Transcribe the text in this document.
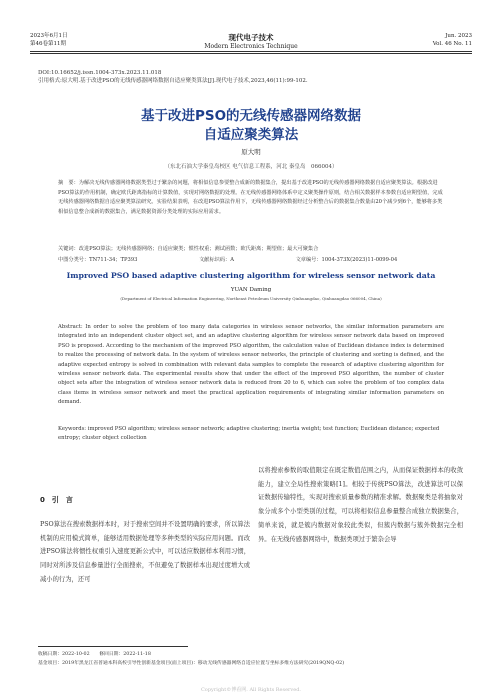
2023年6月1日
第46卷第11期
现代电子技术
Modern Electronics Technique
Jun. 2023
Vol. 46 No. 11
DOI:10.16652/j.issn.1004-373x.2023.11.018
引用格式:原大明.基于改进PSO的无线传感器网络数据自适应聚类算法[J].现代电子技术,2023,46(11):99-102.
基于改进PSO的无线传感器网络数据
自适应聚类算法
原大明
（东北石油大学秦皇岛校区 电气信息工程系，河北 秦皇岛　066004）
摘　要：为解决无线传感器网络数据类型过于繁杂的问题，将相似信息参要整合成新的数据集合，提出基于改进PSO的无线传感器网络数据自适应聚类算法。根据改进PSO算法的作用机制，确定欧氏距离指标的计算数值，实现对网络数据的处理。在无线传感器网络体系中定义聚类操作原则，结合相关数据样本参数自适应期望值，完成无线传感器网络数据自适应聚类算法研究。实验结果表明，在改进PSO算法作用下，无线传感器网络数据经过分析整合后的数据集合数量由20个减少到6个，能够将多类相似信息整合成新的数据集合，满足数据资源分类处理的实际应用需求。
关键词：改进PSO算法；无线传感器网络；自适应聚类；惯性权重；测试函数；欧氏距离；期望值；最大可聚集合
中图分类号：TN711-34；TP393	文献标识码：A	文章编号：1004-373X(2023)11-0099-04
Improved PSO based adaptive clustering algorithm for wireless sensor network data
YUAN Daming
(Department of Electrical Information Engineering, Northeast Petroleum University Qinhuangdao, Qinhuangdao 066004, China)
Abstract: In order to solve the problem of too many data categories in wireless sensor networks, the similar information parameters are integrated into an independent cluster object set, and an adaptive clustering algorithm for wireless sensor network data based on improved PSO is proposed. According to the mechanism of the improved PSO algorithm, the calculation value of Euclidean distance index is determined to realize the processing of network data. In the system of wireless sensor networks, the principle of clustering and sorting is defined, and the adaptive expected entropy is solved in combination with relevant data samples to complete the research of adaptive clustering algorithm for wireless sensor network data. The experimental results show that under the effect of the improved PSO algorithm, the number of cluster object sets after the integration of wireless sensor network data is reduced from 20 to 6, which can solve the problem of too complex data class items in wireless sensor network and meet the practical application requirements of integrating similar information parameters on demand.
Keywords: improved PSO algorithm; wireless sensor network; adaptive clustering; inertia weight; test function; Euclidean distance; expected entropy; cluster object collection
0　引　言
PSO算法在搜索数据样本时，对于搜索空间并不设置明确的要求，所以算法机制的应用模式简单，能够适用数据处理等多种类型的实际应用问题。而改进PSO算法将惯性权重引入速度更新公式中，可以适应数据样本利用习惯，同时对所涉及信息参量进行全面搜索，不但避免了数据样本出现过度增大或减小的行为，还可
以将搜索参数的取值限定在既定数值范围之内，从而保证数据样本的收敛能力，建立全局性搜索策略[1]。相较于传统PSO算法，改进算法可以保证数据传输特性，实现对搜索质量参数的精准求解。数据聚类是将抽象对象分成多个小型类别的过程，可以将相似信息参量整合成独立数据集合，简单来说，就是簇内数据对象较此类似，但簇内数据与簇外数据完全相异。在无线传感器网络中，数据类项过于繁杂会导
收稿日期：2022-10-02　　修回日期：2022-11-18
基金项目：2019年黑龙江省普通本科高校引导性创新基金项目(面上项目)：移动无线传感器网络自适应位置与坐标多维方法研究(2019QNQ-02)
Copyright©博看网. All Rights Reserved.
